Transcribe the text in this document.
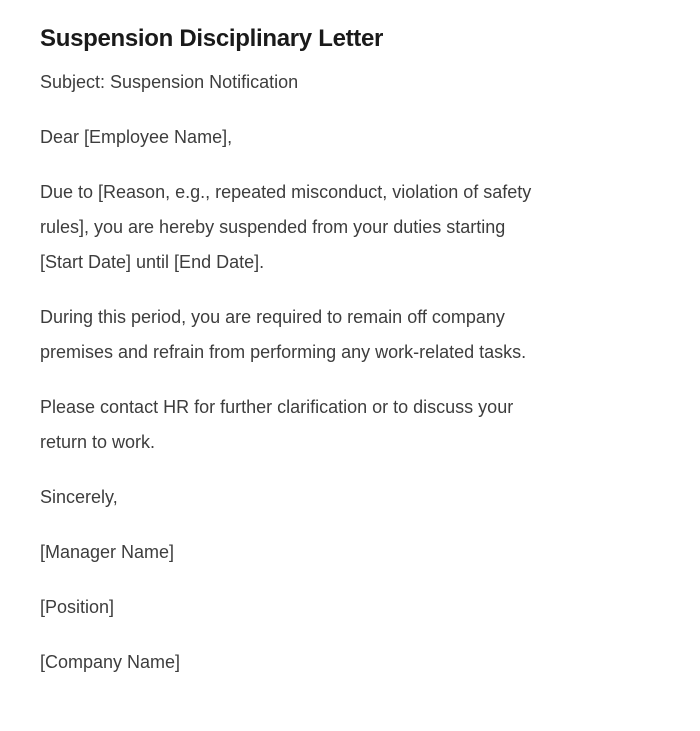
Suspension Disciplinary Letter

Subject: Suspension Notification

Dear [Employee Name],

Due to [Reason, e.g., repeated misconduct, violation of safety
rules], you are hereby suspended from your duties starting
[Start Date] until [End Date].

During this period, you are required to remain off company
premises and refrain from performing any work-related tasks.

Please contact HR for further clarification or to discuss your
return to work.

Sincerely,

[Manager Name]

[Position]

[Company Name]
